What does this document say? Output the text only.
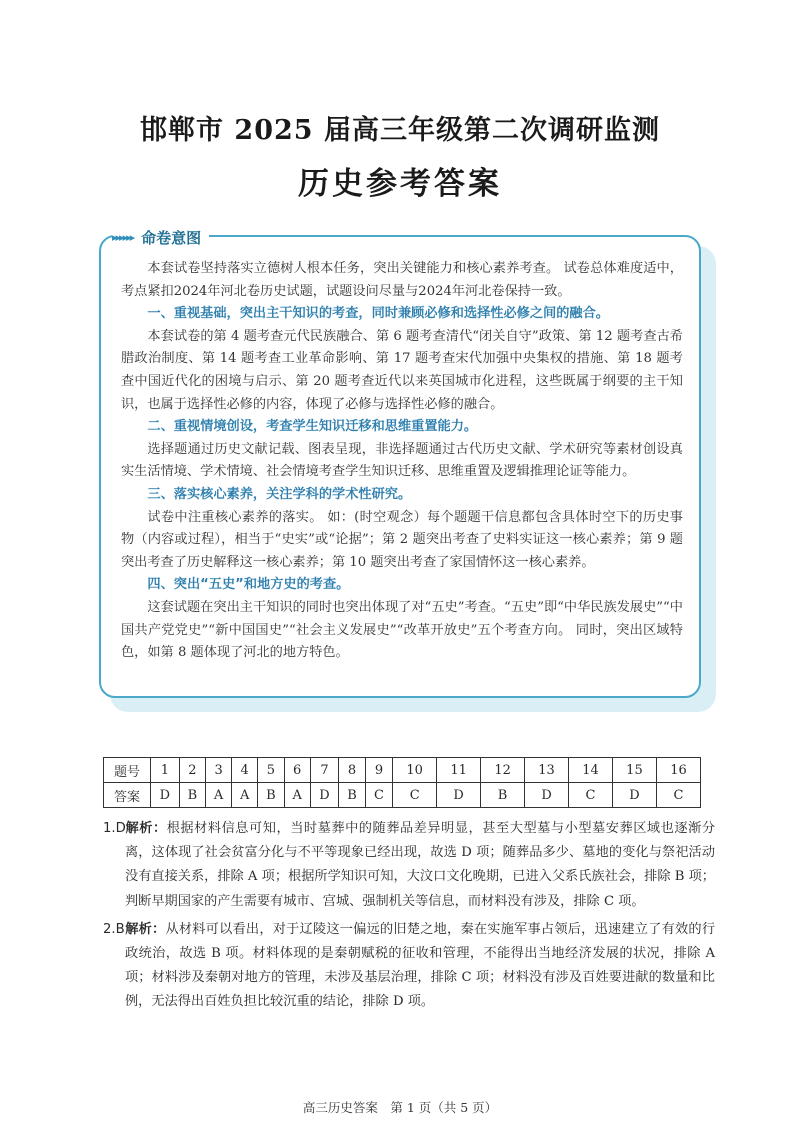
邯郸市 2025 届高三年级第二次调研监测
历史参考答案
▸▸▸▸▸▸ 命卷意图

本套试卷坚持落实立德树人根本任务，突出关键能力和核心素养考查。 试卷总体难度适中，考点紧扣2024年河北卷历史试题，试题设问尽量与2024年河北卷保持一致。

一、重视基础，突出主干知识的考查，同时兼顾必修和选择性必修之间的融合。

本套试卷的第 4 题考查元代民族融合、第 6 题考查清代“闭关自守”政策、第 12 题考查古希腊政治制度、第 14 题考查工业革命影响、第 17 题考查宋代加强中央集权的措施、第 18 题考查中国近代化的困境与启示、第 20 题考查近代以来英国城市化进程，这些既属于纲要的主干知识，也属于选择性必修的内容，体现了必修与选择性必修的融合。

二、重视情境创设，考查学生知识迁移和思维重置能力。

选择题通过历史文献记载、图表呈现，非选择题通过古代历史文献、学术研究等素材创设真实生活情境、学术情境、社会情境考查学生知识迁移、思维重置及逻辑推理论证等能力。

三、落实核心素养，关注学科的学术性研究。

试卷中注重核心素养的落实。 如：(时空观念）每个题题干信息都包含具体时空下的历史事物（内容或过程），相当于“史实”或“论据”；第 2 题突出考查了史料实证这一核心素养；第 9 题突出考查了历史解释这一核心素养；第 10 题突出考查了家国情怀这一核心素养。

四、突出“五史”和地方史的考查。

这套试题在突出主干知识的同时也突出体现了对“五史”考查。“五史”即“中华民族发展史”“中国共产党党史”“新中国国史”“社会主义发展史”“改革开放史”五个考查方向。 同时，突出区域特色，如第 8 题体现了河北的地方特色。

题号	1	2	3	4	5	6	7	8	9	10	11	12	13	14	15	16
答案	D	B	A	A	B	A	D	B	C	C	D	B	D	C	D	C

1.D解析：根据材料信息可知，当时墓葬中的随葬品差异明显，甚至大型墓与小型墓安葬区域也逐渐分离，这体现了社会贫富分化与不平等现象已经出现，故选 D 项；随葬品多少、墓地的变化与祭祀活动没有直接关系，排除 A 项；根据所学知识可知，大汶口文化晚期，已进入父系氏族社会，排除 B 项；判断早期国家的产生需要有城市、宫城、强制机关等信息，而材料没有涉及，排除 C 项。

2.B解析：从材料可以看出，对于辽陵这一偏远的旧楚之地，秦在实施军事占领后，迅速建立了有效的行政统治，故选 B 项。材料体现的是秦朝赋税的征收和管理，不能得出当地经济发展的状况，排除 A 项；材料涉及秦朝对地方的管理，未涉及基层治理，排除 C 项；材料没有涉及百姓要进献的数量和比例，无法得出百姓负担比较沉重的结论，排除 D 项。

高三历史答案　第 1 页（共 5 页）
